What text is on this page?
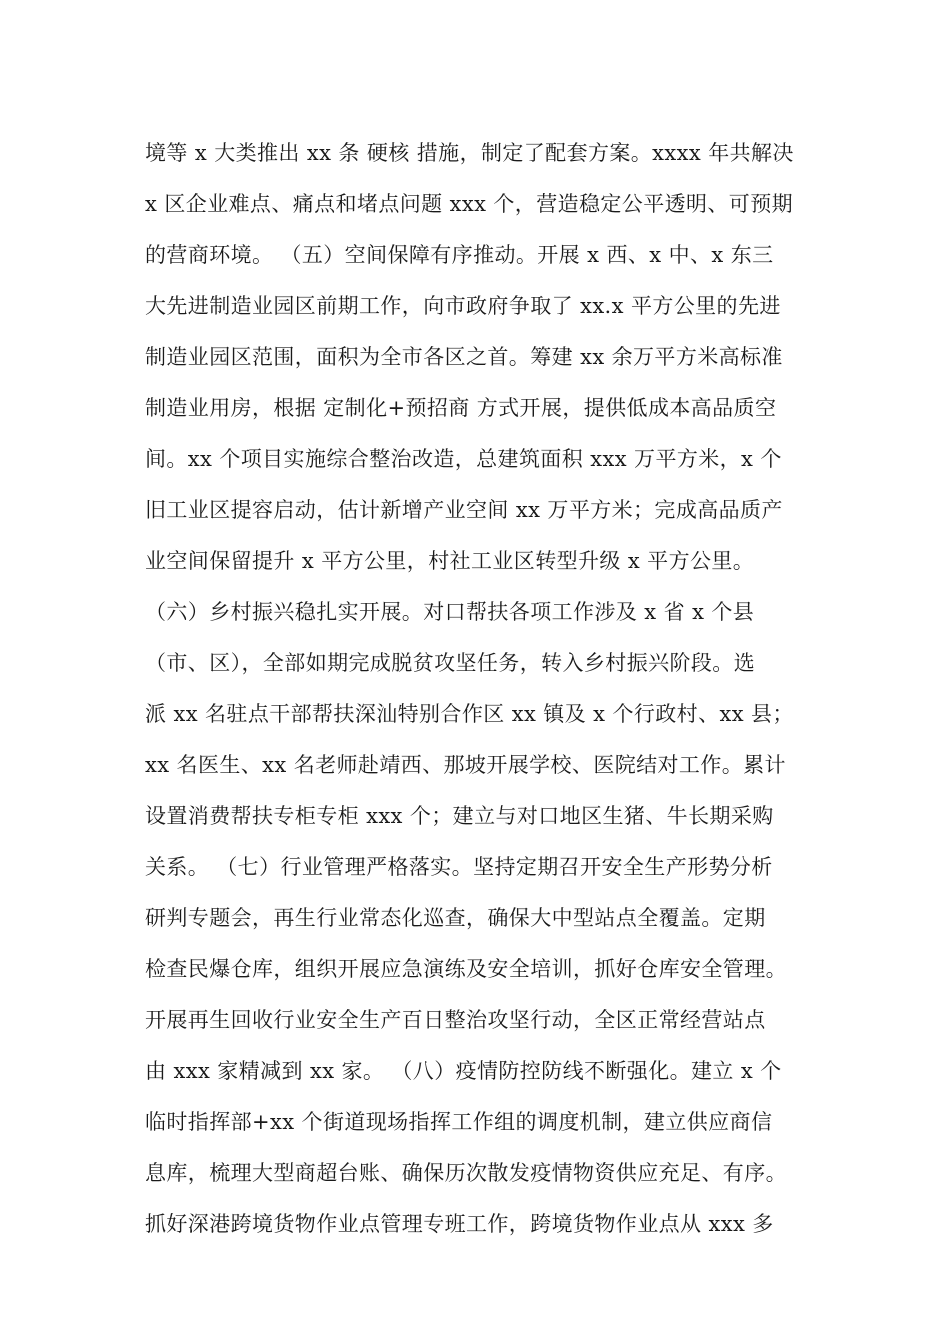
境等 x 大类推出 xx 条 硬核 措施，制定了配套方案。xxxx 年共解决
x 区企业难点、痛点和堵点问题 xxx 个，营造稳定公平透明、可预期
的营商环境。 （五）空间保障有序推动。开展 x 西、x 中、x 东三
大先进制造业园区前期工作，向市政府争取了 xx.x 平方公里的先进
制造业园区范围，面积为全市各区之首。筹建 xx 余万平方米高标准
制造业用房，根据 定制化+预招商 方式开展，提供低成本高品质空
间。xx 个项目实施综合整治改造，总建筑面积 xxx 万平方米，x 个
旧工业区提容启动，估计新增产业空间 xx 万平方米；完成高品质产
业空间保留提升 x 平方公里，村社工业区转型升级 x 平方公里。
（六）乡村振兴稳扎实开展。对口帮扶各项工作涉及 x 省 x 个县
（市、区），全部如期完成脱贫攻坚任务，转入乡村振兴阶段。选
派 xx 名驻点干部帮扶深汕特别合作区 xx 镇及 x 个行政村、xx 县；
xx 名医生、xx 名老师赴靖西、那坡开展学校、医院结对工作。累计
设置消费帮扶专柜专柜 xxx 个；建立与对口地区生猪、牛长期采购
关系。 （七）行业管理严格落实。坚持定期召开安全生产形势分析
研判专题会，再生行业常态化巡查，确保大中型站点全覆盖。定期
检查民爆仓库，组织开展应急演练及安全培训，抓好仓库安全管理。
开展再生回收行业安全生产百日整治攻坚行动，全区正常经营站点
由 xxx 家精减到 xx 家。 （八）疫情防控防线不断强化。建立 x 个
临时指挥部+xx 个街道现场指挥工作组的调度机制，建立供应商信
息库，梳理大型商超台账、确保历次散发疫情物资供应充足、有序。
抓好深港跨境货物作业点管理专班工作，跨境货物作业点从 xxx 多
